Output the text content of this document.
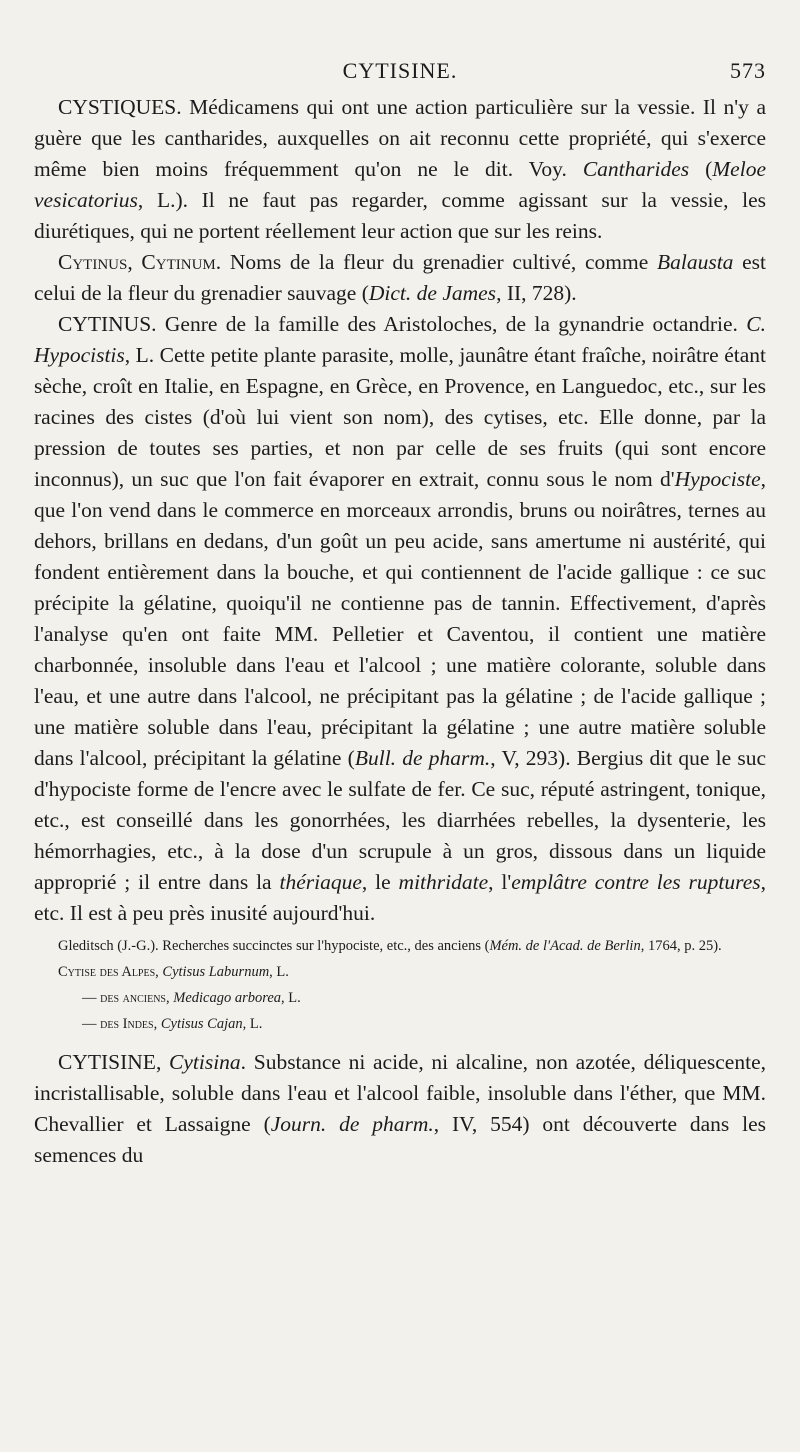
CYTISINE.	573

CYSTIQUES. Médicamens qui ont une action particulière sur la vessie. Il n'y a guère que les cantharides, auxquelles on ait reconnu cette propriété, qui s'exerce même bien moins fréquemment qu'on ne le dit. Voy. Cantharides (Meloe vesicatorius, L.). Il ne faut pas regarder, comme agissant sur la vessie, les diurétiques, qui ne portent réellement leur action que sur les reins.

Cytinus, Cytinum. Noms de la fleur du grenadier cultivé, comme Balausta est celui de la fleur du grenadier sauvage (Dict. de James, II, 728).

CYTINUS. Genre de la famille des Aristoloches, de la gynandrie octandrie. C. Hypocistis, L. Cette petite plante parasite, molle, jaunâtre étant fraîche, noirâtre étant sèche, croît en Italie, en Espagne, en Grèce, en Provence, en Languedoc, etc., sur les racines des cistes (d'où lui vient son nom), des cytises, etc. Elle donne, par la pression de toutes ses parties, et non par celle de ses fruits (qui sont encore inconnus), un suc que l'on fait évaporer en extrait, connu sous le nom d'Hypociste, que l'on vend dans le commerce en morceaux arrondis, bruns ou noirâtres, ternes au dehors, brillans en dedans, d'un goût un peu acide, sans amertume ni austérité, qui fondent entièrement dans la bouche, et qui contiennent de l'acide gallique : ce suc précipite la gélatine, quoiqu'il ne contienne pas de tannin. Effectivement, d'après l'analyse qu'en ont faite MM. Pelletier et Caventou, il contient une matière charbonnée, insoluble dans l'eau et l'alcool ; une matière colorante, soluble dans l'eau, et une autre dans l'alcool, ne précipitant pas la gélatine ; de l'acide gallique ; une matière soluble dans l'eau, précipitant la gélatine ; une autre matière soluble dans l'alcool, précipitant la gélatine (Bull. de pharm., V, 293). Bergius dit que le suc d'hypociste forme de l'encre avec le sulfate de fer. Ce suc, réputé astringent, tonique, etc., est conseillé dans les gonorrhées, les diarrhées rebelles, la dysenterie, les hémorrhagies, etc., à la dose d'un scrupule à un gros, dissous dans un liquide approprié ; il entre dans la thériaque, le mithridate, l'emplâtre contre les ruptures, etc. Il est à peu près inusité aujourd'hui.

Gleditsch (J.-G.). Recherches succinctes sur l'hypociste, etc., des anciens (Mém. de l'Acad. de Berlin, 1764, p. 25).
Cytise des Alpes, Cytisus Laburnum, L.
— des anciens, Medicago arborea, L.
— des Indes, Cytisus Cajan, L.

CYTISINE, Cytisina. Substance ni acide, ni alcaline, non azotée, déliquescente, incristallisable, soluble dans l'eau et l'alcool faible, insoluble dans l'éther, que MM. Chevallier et Lassaigne (Journ. de pharm., IV, 554) ont découverte dans les semences du
